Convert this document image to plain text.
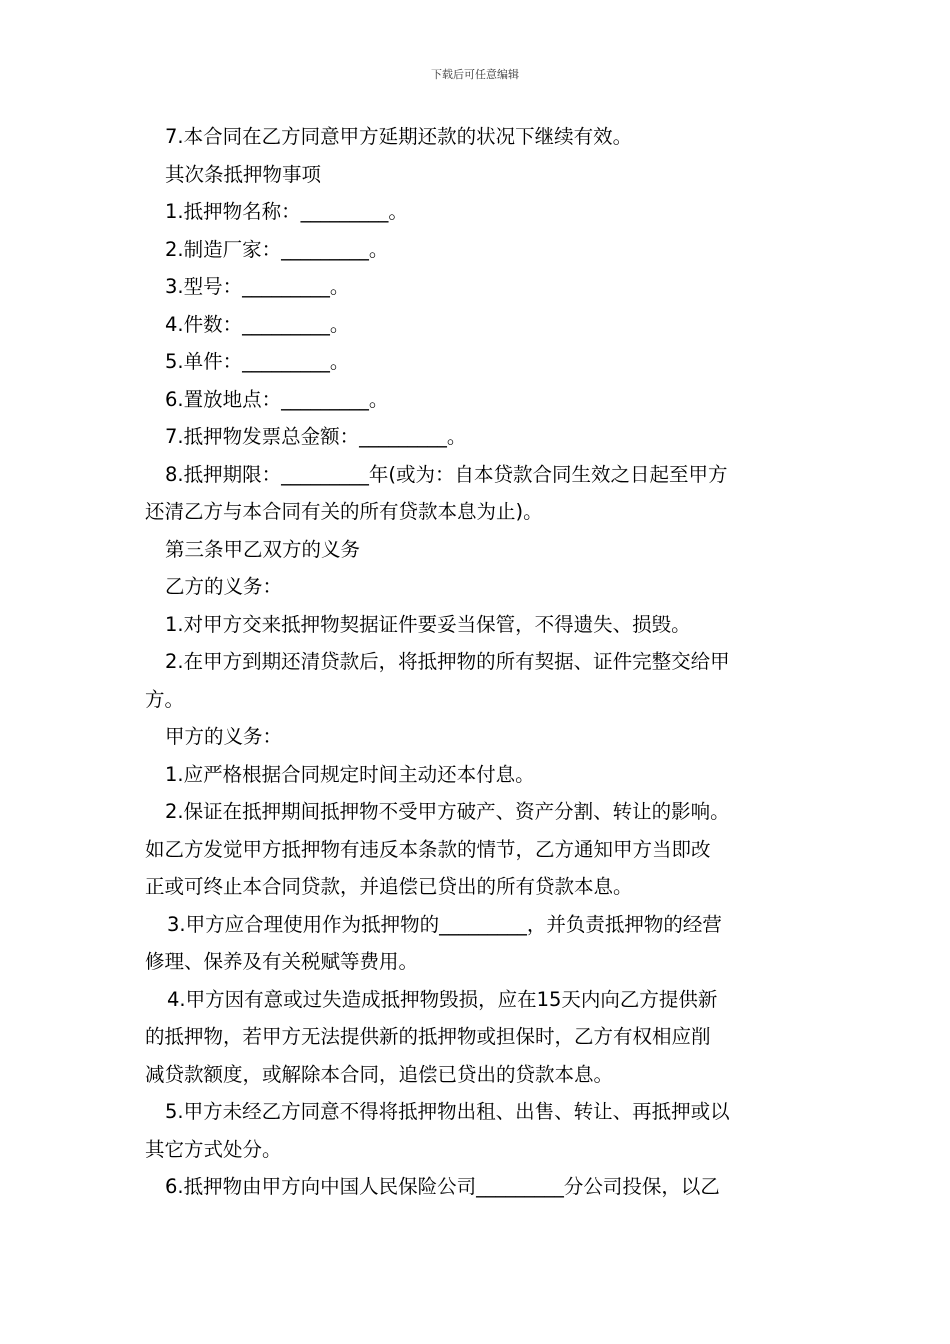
下载后可任意编辑
7.本合同在乙方同意甲方延期还款的状况下继续有效。
其次条抵押物事项
1.抵押物名称：_________。
2.制造厂家：_________。
3.型号：_________。
4.件数：_________。
5.单件：_________。
6.置放地点：_________。
7.抵押物发票总金额：_________。
8.抵押期限：_________年(或为：自本贷款合同生效之日起至甲方
还清乙方与本合同有关的所有贷款本息为止)。
第三条甲乙双方的义务
乙方的义务：
1.对甲方交来抵押物契据证件要妥当保管，不得遗失、损毁。
2.在甲方到期还清贷款后，将抵押物的所有契据、证件完整交给甲
方。
甲方的义务：
1.应严格根据合同规定时间主动还本付息。
2.保证在抵押期间抵押物不受甲方破产、资产分割、转让的影响。
如乙方发觉甲方抵押物有违反本条款的情节，乙方通知甲方当即改
正或可终止本合同贷款，并追偿已贷出的所有贷款本息。
3.甲方应合理使用作为抵押物的_________，并负责抵押物的经营
修理、保养及有关税赋等费用。
4.甲方因有意或过失造成抵押物毁损，应在15天内向乙方提供新
的抵押物，若甲方无法提供新的抵押物或担保时，乙方有权相应削
减贷款额度，或解除本合同，追偿已贷出的贷款本息。
5.甲方未经乙方同意不得将抵押物出租、出售、转让、再抵押或以
其它方式处分。
6.抵押物由甲方向中国人民保险公司_________分公司投保，以乙
